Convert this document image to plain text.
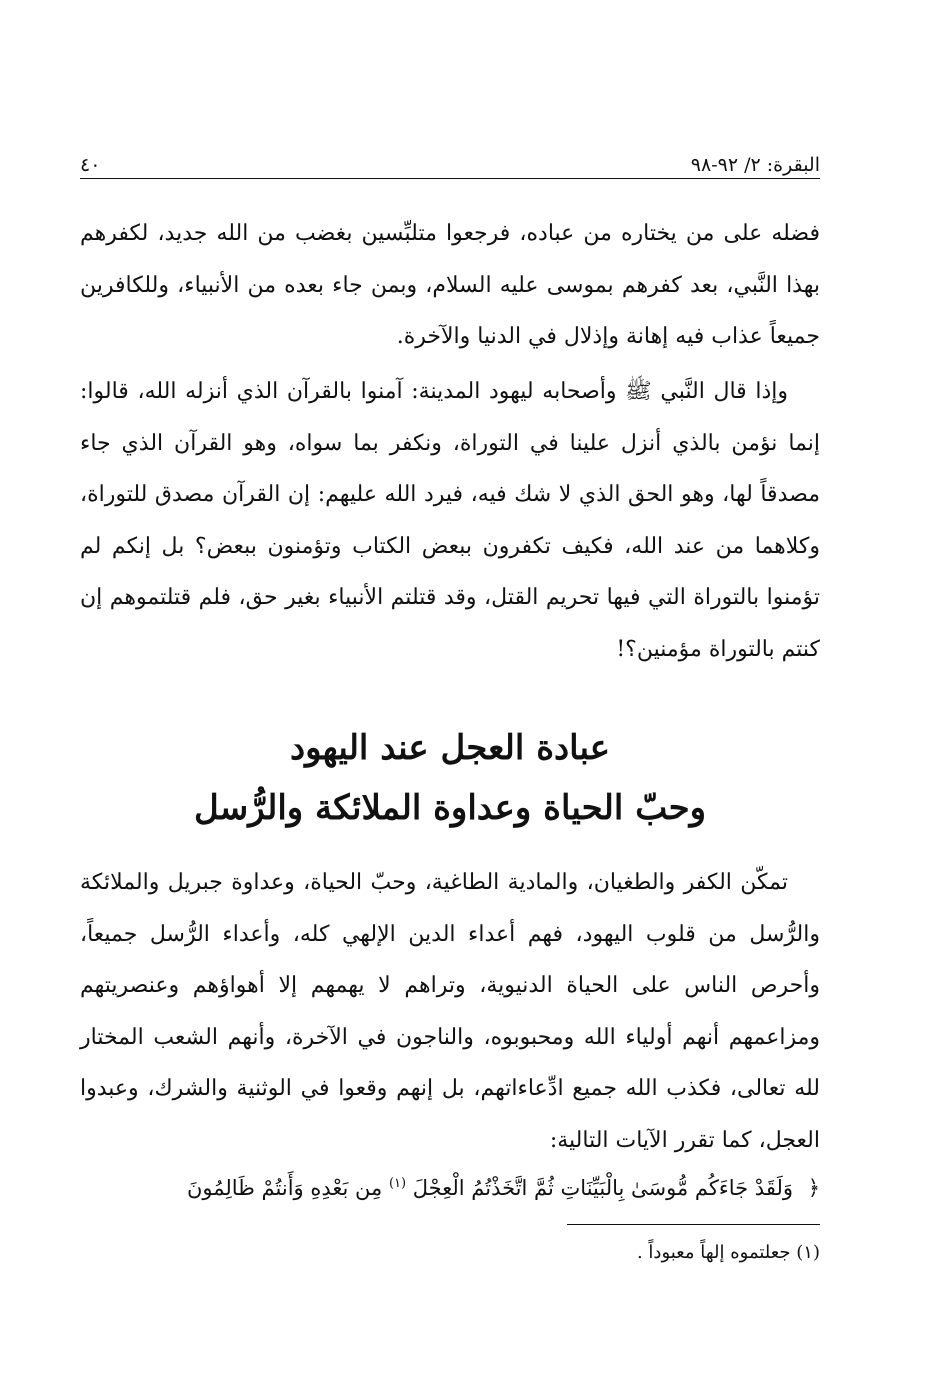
البقرة: ٢/ ٩٢-٩٨
٤٠

فضله على من يختاره من عباده، فرجعوا متلبِّسين بغضب من الله جديد، لكفرهم بهذا النَّبي، بعد كفرهم بموسى عليه السلام، وبمن جاء بعده من الأنبياء، وللكافرين جميعاً عذاب فيه إهانة وإذلال في الدنيا والآخرة.

وإذا قال النَّبي ﷺ وأصحابه ليهود المدينة: آمنوا بالقرآن الذي أنزله الله، قالوا: إنما نؤمن بالذي أنزل علينا في التوراة، ونكفر بما سواه، وهو القرآن الذي جاء مصدقاً لها، وهو الحق الذي لا شك فيه، فيرد الله عليهم: إن القرآن مصدق للتوراة، وكلاهما من عند الله، فكيف تكفرون ببعض الكتاب وتؤمنون ببعض؟ بل إنكم لم تؤمنوا بالتوراة التي فيها تحريم القتل، وقد قتلتم الأنبياء بغير حق، فلم قتلتموهم إن كنتم بالتوراة مؤمنين؟!

عبادة العجل عند اليهود
وحبّ الحياة وعداوة الملائكة والرُّسل

تمكّن الكفر والطغيان، والمادية الطاغية، وحبّ الحياة، وعداوة جبريل والملائكة والرُّسل من قلوب اليهود، فهم أعداء الدين الإلهي كله، وأعداء الرُّسل جميعاً، وأحرص الناس على الحياة الدنيوية، وتراهم لا يهمهم إلا أهواؤهم وعنصريتهم ومزاعمهم أنهم أولياء الله ومحبوبوه، والناجون في الآخرة، وأنهم الشعب المختار لله تعالى، فكذب الله جميع ادِّعاءاتهم، بل إنهم وقعوا في الوثنية والشرك، وعبدوا العجل، كما تقرر الآيات التالية:

﴿ وَلَقَدْ جَاءَكُم مُّوسَىٰ بِالْبَيِّنَاتِ ثُمَّ اتَّخَذْتُمُ الْعِجْلَ $^{(١)}$ مِن بَعْدِهِ وَأَنتُمْ ظَالِمُونَ

(١) جعلتموه إلهاً معبوداً .
